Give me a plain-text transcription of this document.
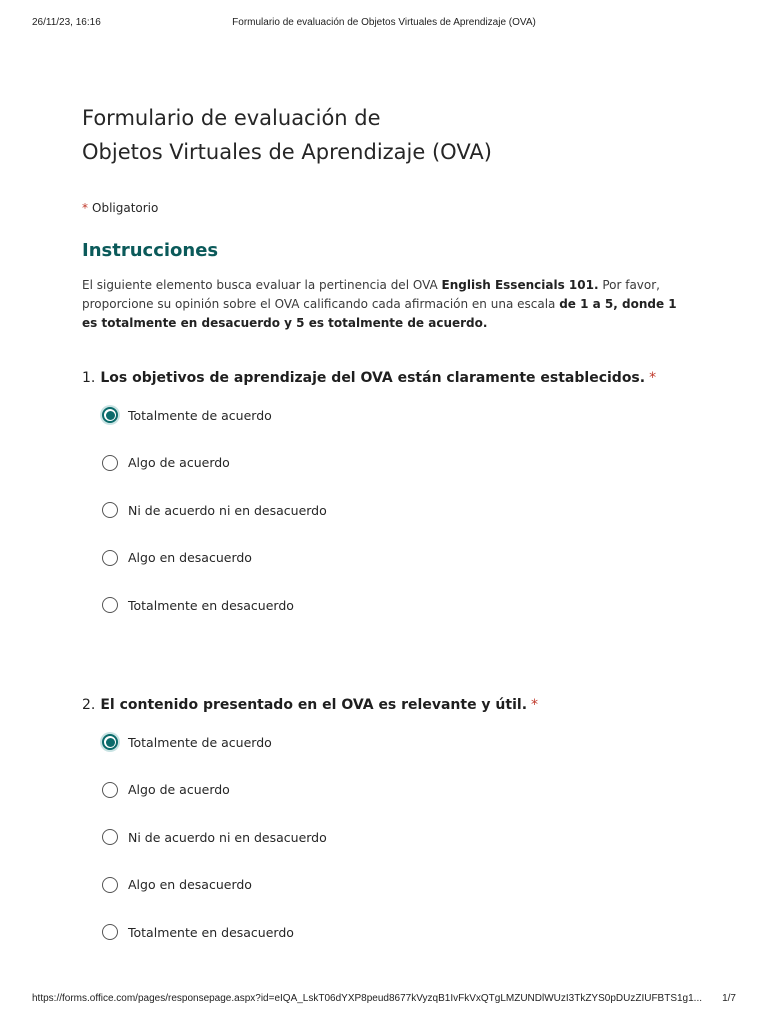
26/11/23, 16:16	Formulario de evaluación de Objetos Virtuales de Aprendizaje (OVA)
Formulario de evaluación de
Objetos Virtuales de Aprendizaje (OVA)
* Obligatorio
Instrucciones
El siguiente elemento busca evaluar la pertinencia del OVA English Essencials 101. Por favor, proporcione su opinión sobre el OVA calificando cada afirmación en una escala de 1 a 5, donde 1 es totalmente en desacuerdo y 5 es totalmente de acuerdo.
1. Los objetivos de aprendizaje del OVA están claramente establecidos. *
Totalmente de acuerdo
Algo de acuerdo
Ni de acuerdo ni en desacuerdo
Algo en desacuerdo
Totalmente en desacuerdo
2. El contenido presentado en el OVA es relevante y útil. *
Totalmente de acuerdo
Algo de acuerdo
Ni de acuerdo ni en desacuerdo
Algo en desacuerdo
Totalmente en desacuerdo
https://forms.office.com/pages/responsepage.aspx?id=eIQA_LskT06dYXP8peud8677kVyzqB1IvFkVxQTgLMZUNDlWUzI3TkZYS0pDUzZIUFBTS1g1... 1/7
